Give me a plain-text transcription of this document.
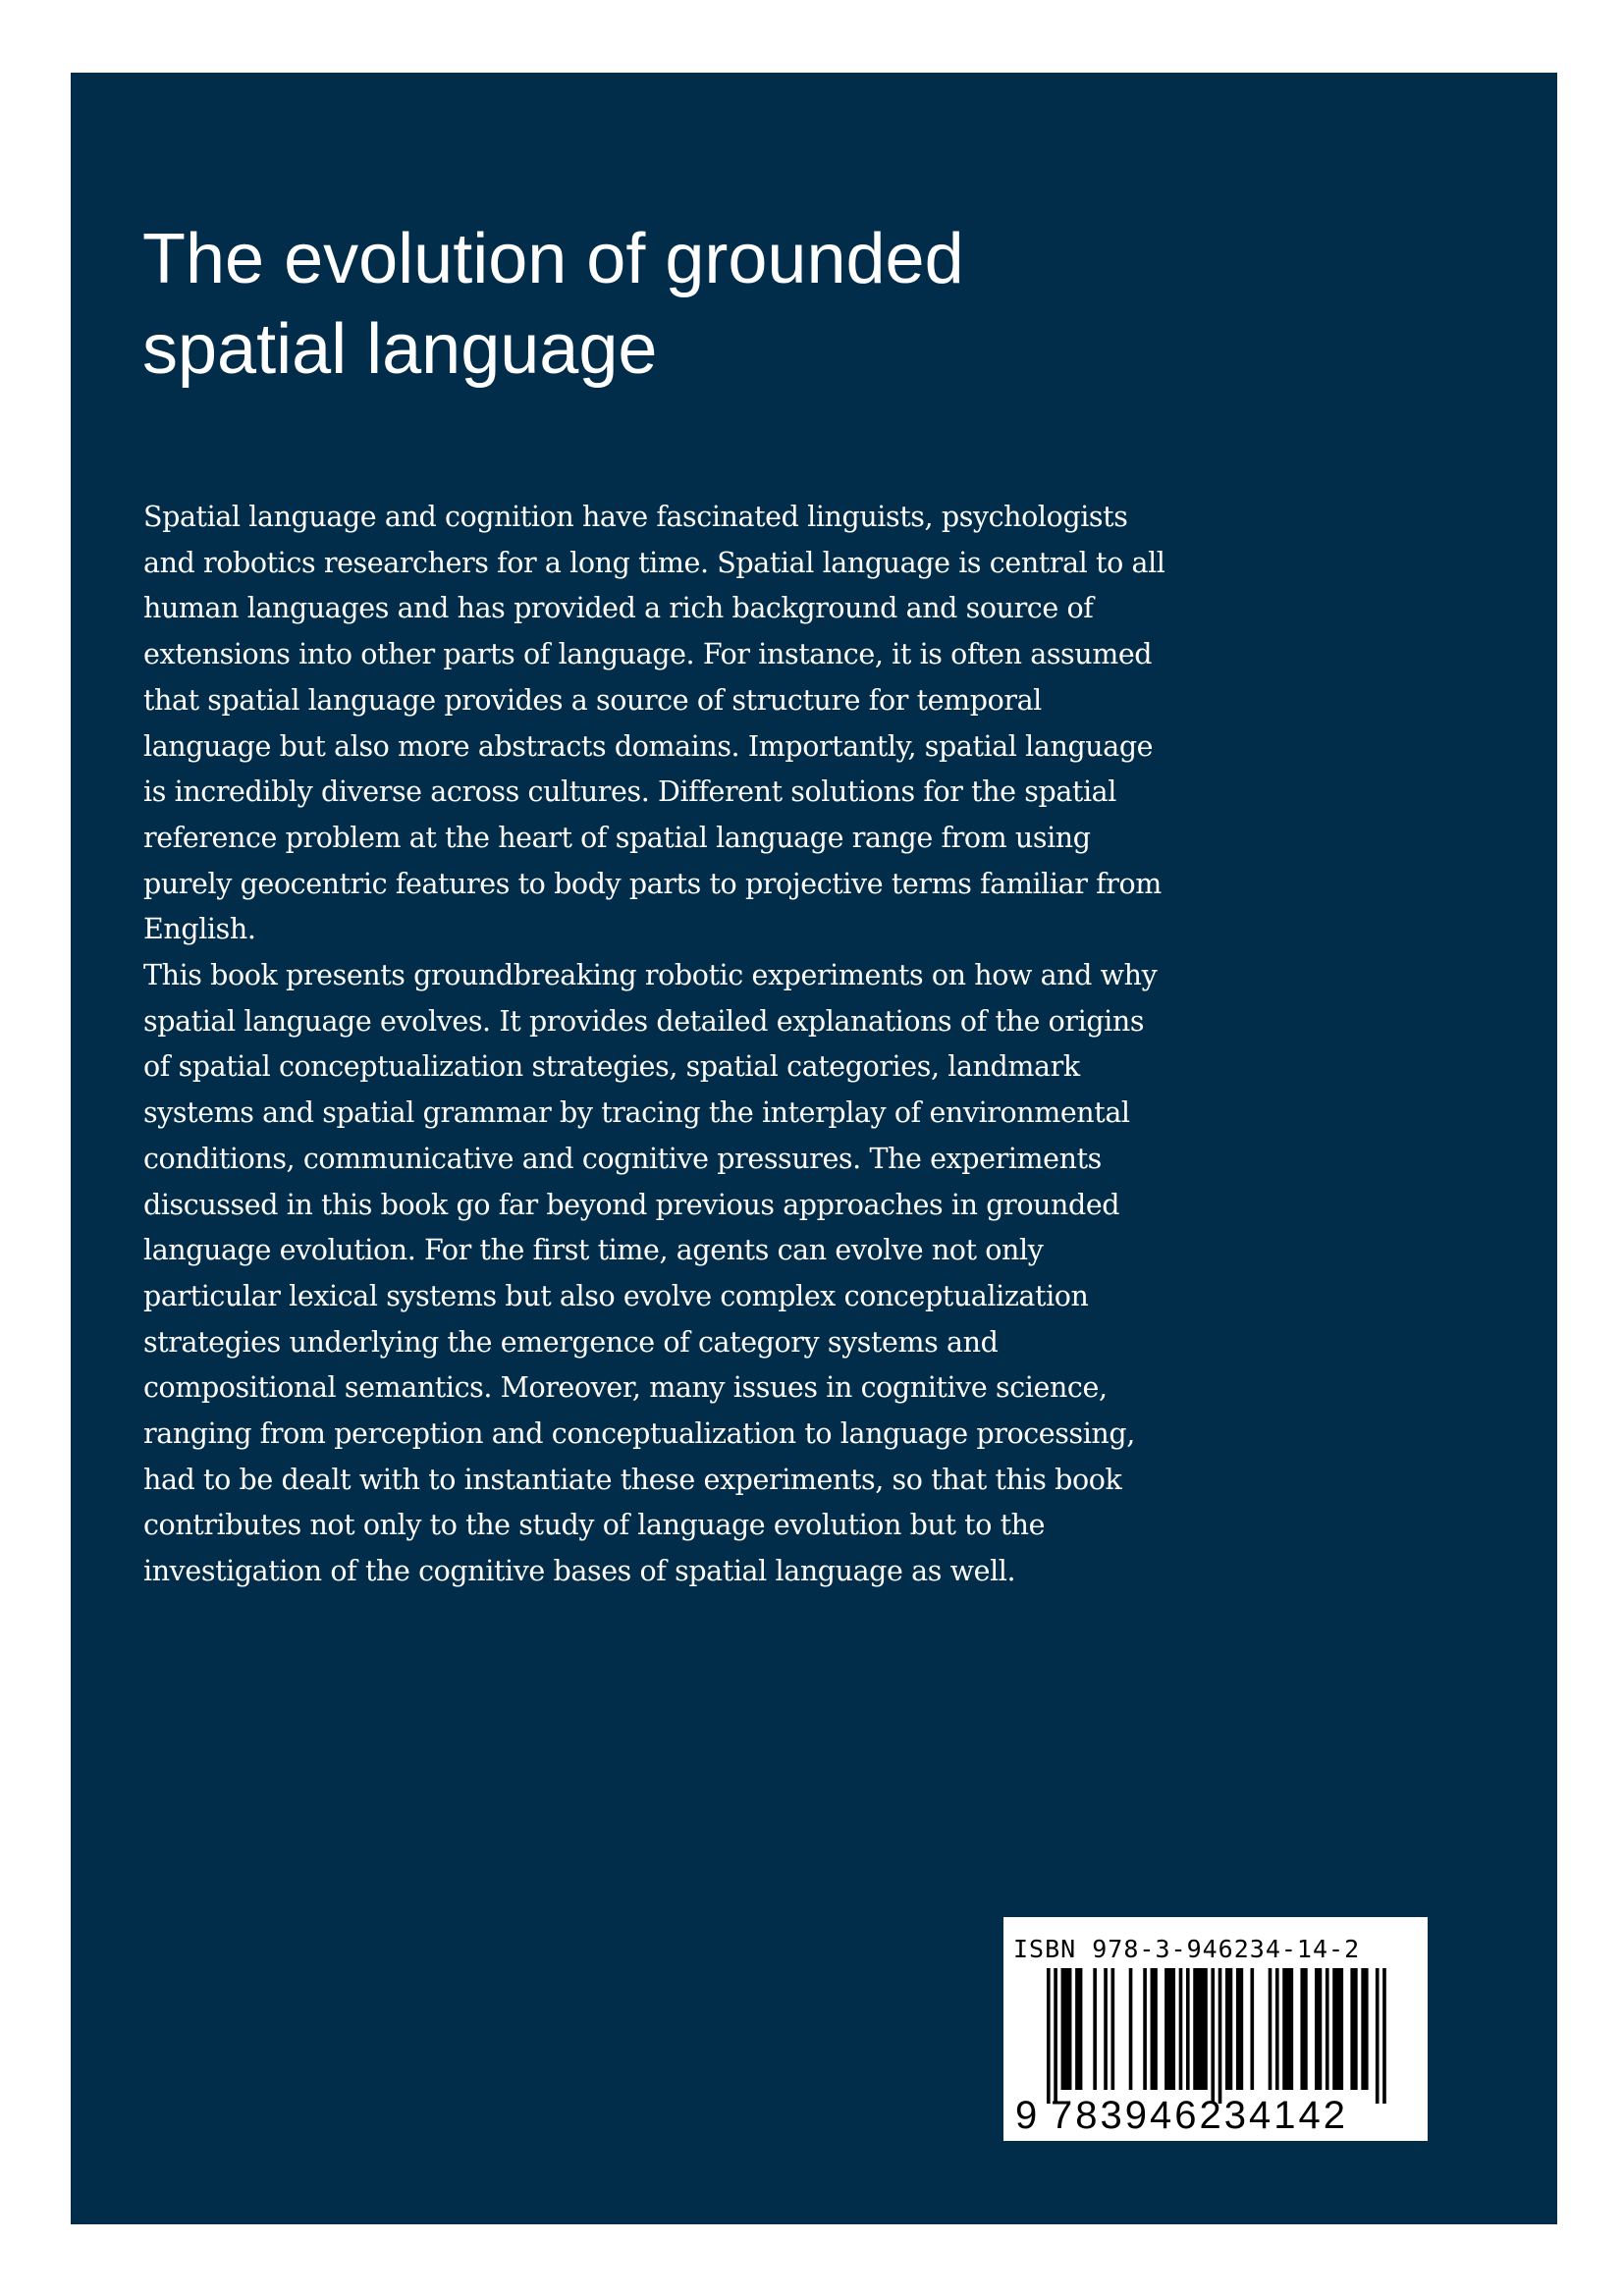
The evolution of grounded
spatial language
Spatial language and cognition have fascinated linguists, psychologists
and robotics researchers for a long time. Spatial language is central to all
human languages and has provided a rich background and source of
extensions into other parts of language. For instance, it is often assumed
that spatial language provides a source of structure for temporal
language but also more abstracts domains. Importantly, spatial language
is incredibly diverse across cultures. Different solutions for the spatial
reference problem at the heart of spatial language range from using
purely geocentric features to body parts to projective terms familiar from
English.
This book presents groundbreaking robotic experiments on how and why
spatial language evolves. It provides detailed explanations of the origins
of spatial conceptualization strategies, spatial categories, landmark
systems and spatial grammar by tracing the interplay of environmental
conditions, communicative and cognitive pressures. The experiments
discussed in this book go far beyond previous approaches in grounded
language evolution. For the first time, agents can evolve not only
particular lexical systems but also evolve complex conceptualization
strategies underlying the emergence of category systems and
compositional semantics. Moreover, many issues in cognitive science,
ranging from perception and conceptualization to language processing,
had to be dealt with to instantiate these experiments, so that this book
contributes not only to the study of language evolution but to the
investigation of the cognitive bases of spatial language as well.
ISBN 978-3-946234-14-2
9 783946234142
